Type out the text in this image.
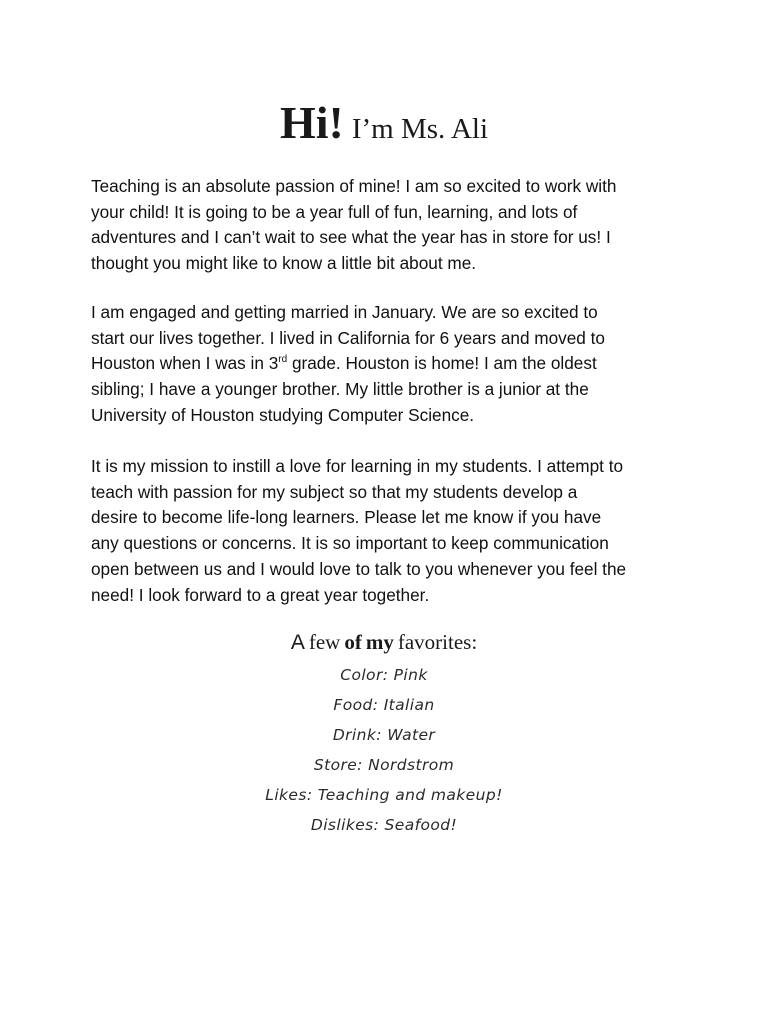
Hi! I’m Ms. Ali

Teaching is an absolute passion of mine! I am so excited to work with
your child! It is going to be a year full of fun, learning, and lots of
adventures and I can’t wait to see what the year has in store for us! I
thought you might like to know a little bit about me.

I am engaged and getting married in January. We are so excited to
start our lives together. I lived in California for 6 years and moved to
Houston when I was in 3rd grade. Houston is home! I am the oldest
sibling; I have a younger brother. My little brother is a junior at the
University of Houston studying Computer Science.

It is my mission to instill a love for learning in my students. I attempt to
teach with passion for my subject so that my students develop a
desire to become life-long learners. Please let me know if you have
any questions or concerns. It is so important to keep communication
open between us and I would love to talk to you whenever you feel the
need! I look forward to a great year together.

A few of my favorites:
Color: Pink
Food: Italian
Drink: Water
Store: Nordstrom
Likes: Teaching and makeup!
Dislikes: Seafood!
